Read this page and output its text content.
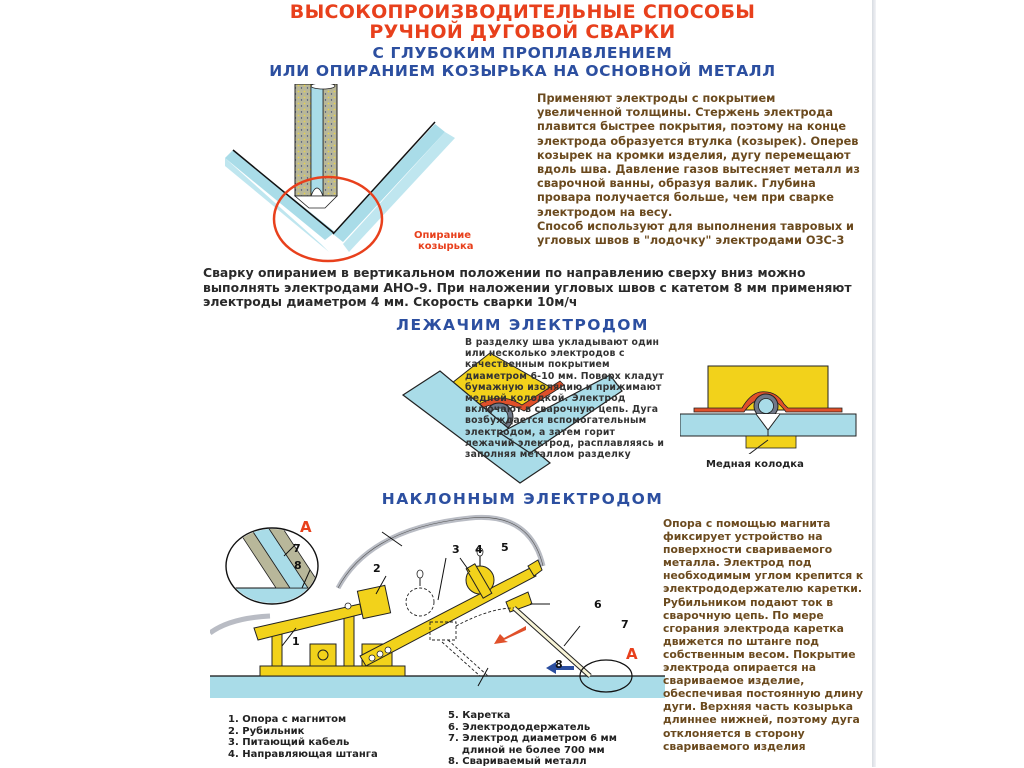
ВЫСОКОПРОИЗВОДИТЕЛЬНЫЕ СПОСОБЫ
РУЧНОЙ ДУГОВОЙ СВАРКИ
С ГЛУБОКИМ ПРОПЛАВЛЕНИЕМ
ИЛИ ОПИРАНИЕМ КОЗЫРЬКА НА ОСНОВНОЙ МЕТАЛЛ
Опирание
козырька
Применяют электроды с покрытием увеличенной толщины. Стержень электрода плавится быстрее покрытия, поэтому на конце электрода образуется втулка (козырек). Оперев козырек на кромки изделия, дугу перемещают вдоль шва. Давление газов вытесняет металл из сварочной ванны, образуя валик. Глубина провара получается больше, чем при сварке электродом на весу.
Способ используют для выполнения тавровых и угловых швов в "лодочку" электродами ОЗС-3
Сварку опиранием в вертикальном положении по направлению сверху вниз можно выполнять электродами АНО-9. При наложении угловых швов с катетом 8 мм применяют электроды диаметром 4 мм. Скорость сварки 10м/ч
ЛЕЖАЧИМ ЭЛЕКТРОДОМ
В разделку шва укладывают один или несколько электродов с качественным покрытием диаметром 6-10 мм. Поверх кладут бумажную изоляцию и прижимают медной колодкой. Электрод включают в сварочную цепь. Дуга возбуждается вспомогательным электродом, а затем горит лежачий электрод, расплавляясь и заполняя металлом разделку
Медная колодка
НАКЛОННЫМ ЭЛЕКТРОДОМ
А
7
8
1
2
3 4 5
6
7
8
А
Опора с помощью магнита фиксирует устройство на поверхности свариваемого металла. Электрод под необходимым углом крепится к электрододержателю каретки. Рубильником подают ток в сварочную цепь. По мере сгорания электрода каретка движется по штанге под собственным весом. Покрытие электрода опирается на свариваемое изделие, обеспечивая постоянную длину дуги. Верхняя часть козырька длиннее нижней, поэтому дуга отклоняется в сторону свариваемого изделия
1. Опора с магнитом
2. Рубильник
3. Питающий кабель
4. Направляющая штанга
5. Каретка
6. Электрододержатель
7. Электрод диаметром 6 мм
длиной не более 700 мм
8. Свариваемый металл
